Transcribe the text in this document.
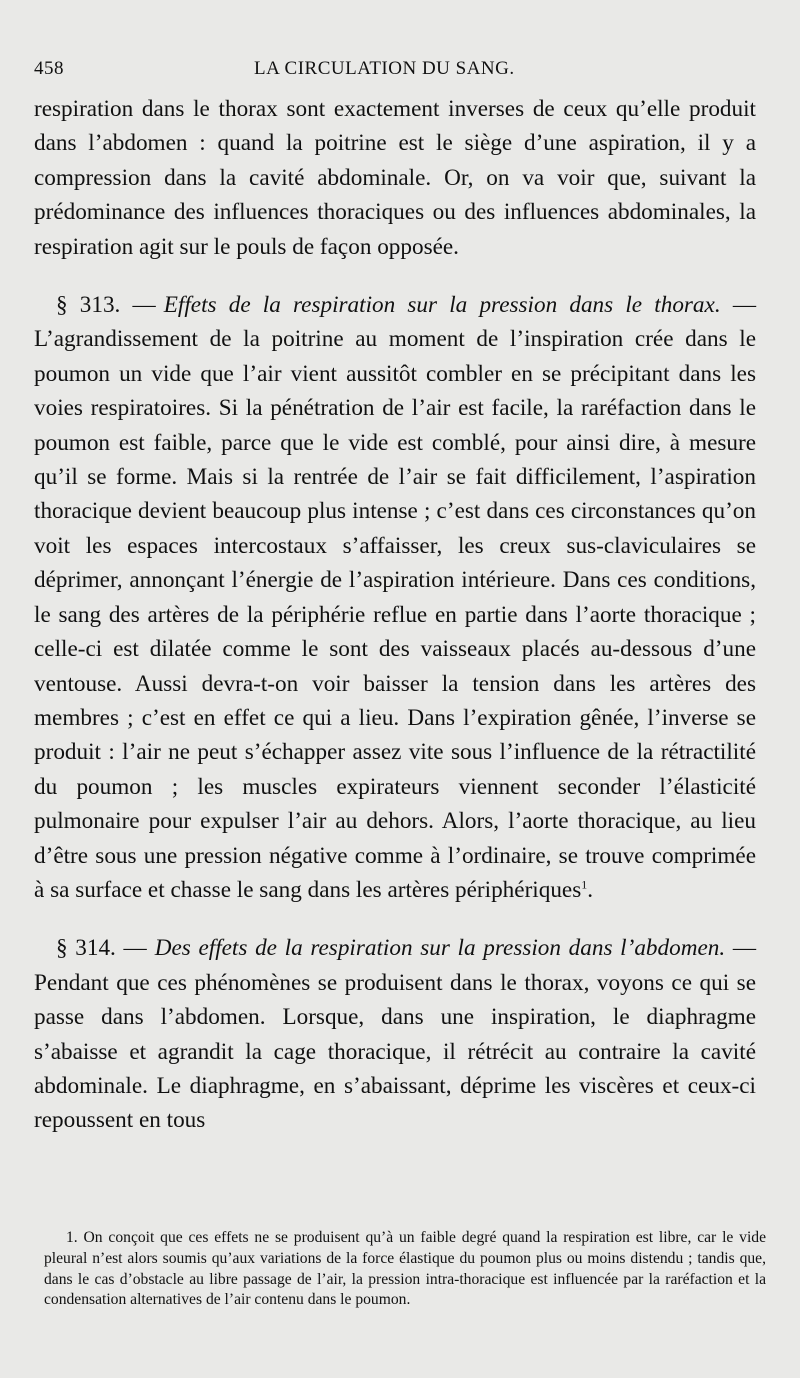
458	LA CIRCULATION DU SANG.

respiration dans le thorax sont exactement inverses de ceux qu’elle produit dans l’abdomen : quand la poitrine est le siège d’une aspiration, il y a compression dans la cavité abdominale. Or, on va voir que, suivant la prédominance des influences thoraciques ou des influences abdominales, la respiration agit sur le pouls de façon opposée.

§ 313. — Effets de la respiration sur la pression dans le thorax. — L’agrandissement de la poitrine au moment de l’inspiration crée dans le poumon un vide que l’air vient aussitôt combler en se précipitant dans les voies respiratoires. Si la pénétration de l’air est facile, la raréfaction dans le poumon est faible, parce que le vide est comblé, pour ainsi dire, à mesure qu’il se forme. Mais si la rentrée de l’air se fait difficilement, l’aspiration thoracique devient beaucoup plus intense ; c’est dans ces circonstances qu’on voit les espaces intercostaux s’affaisser, les creux sus-claviculaires se déprimer, annonçant l’énergie de l’aspiration intérieure. Dans ces conditions, le sang des artères de la périphérie reflue en partie dans l’aorte thoracique ; celle-ci est dilatée comme le sont des vaisseaux placés au-dessous d’une ventouse. Aussi devra-t-on voir baisser la tension dans les artères des membres ; c’est en effet ce qui a lieu. Dans l’expiration gênée, l’inverse se produit : l’air ne peut s’échapper assez vite sous l’influence de la rétractilité du poumon ; les muscles expirateurs viennent seconder l’élasticité pulmonaire pour expulser l’air au dehors. Alors, l’aorte thoracique, au lieu d’être sous une pression négative comme à l’ordinaire, se trouve comprimée à sa surface et chasse le sang dans les artères périphériques$^1$.

§ 314. — Des effets de la respiration sur la pression dans l’abdomen. — Pendant que ces phénomènes se produisent dans le thorax, voyons ce qui se passe dans l’abdomen. Lorsque, dans une inspiration, le diaphragme s’abaisse et agrandit la cage thoracique, il rétrécit au contraire la cavité abdominale. Le diaphragme, en s’abaissant, déprime les viscères et ceux-ci repoussent en tous

1. On conçoit que ces effets ne se produisent qu’à un faible degré quand la respiration est libre, car le vide pleural n’est alors soumis qu’aux variations de la force élastique du poumon plus ou moins distendu ; tandis que, dans le cas d’obstacle au libre passage de l’air, la pression intra-thoracique est influencée par la raréfaction et la condensation alternatives de l’air contenu dans le poumon.
